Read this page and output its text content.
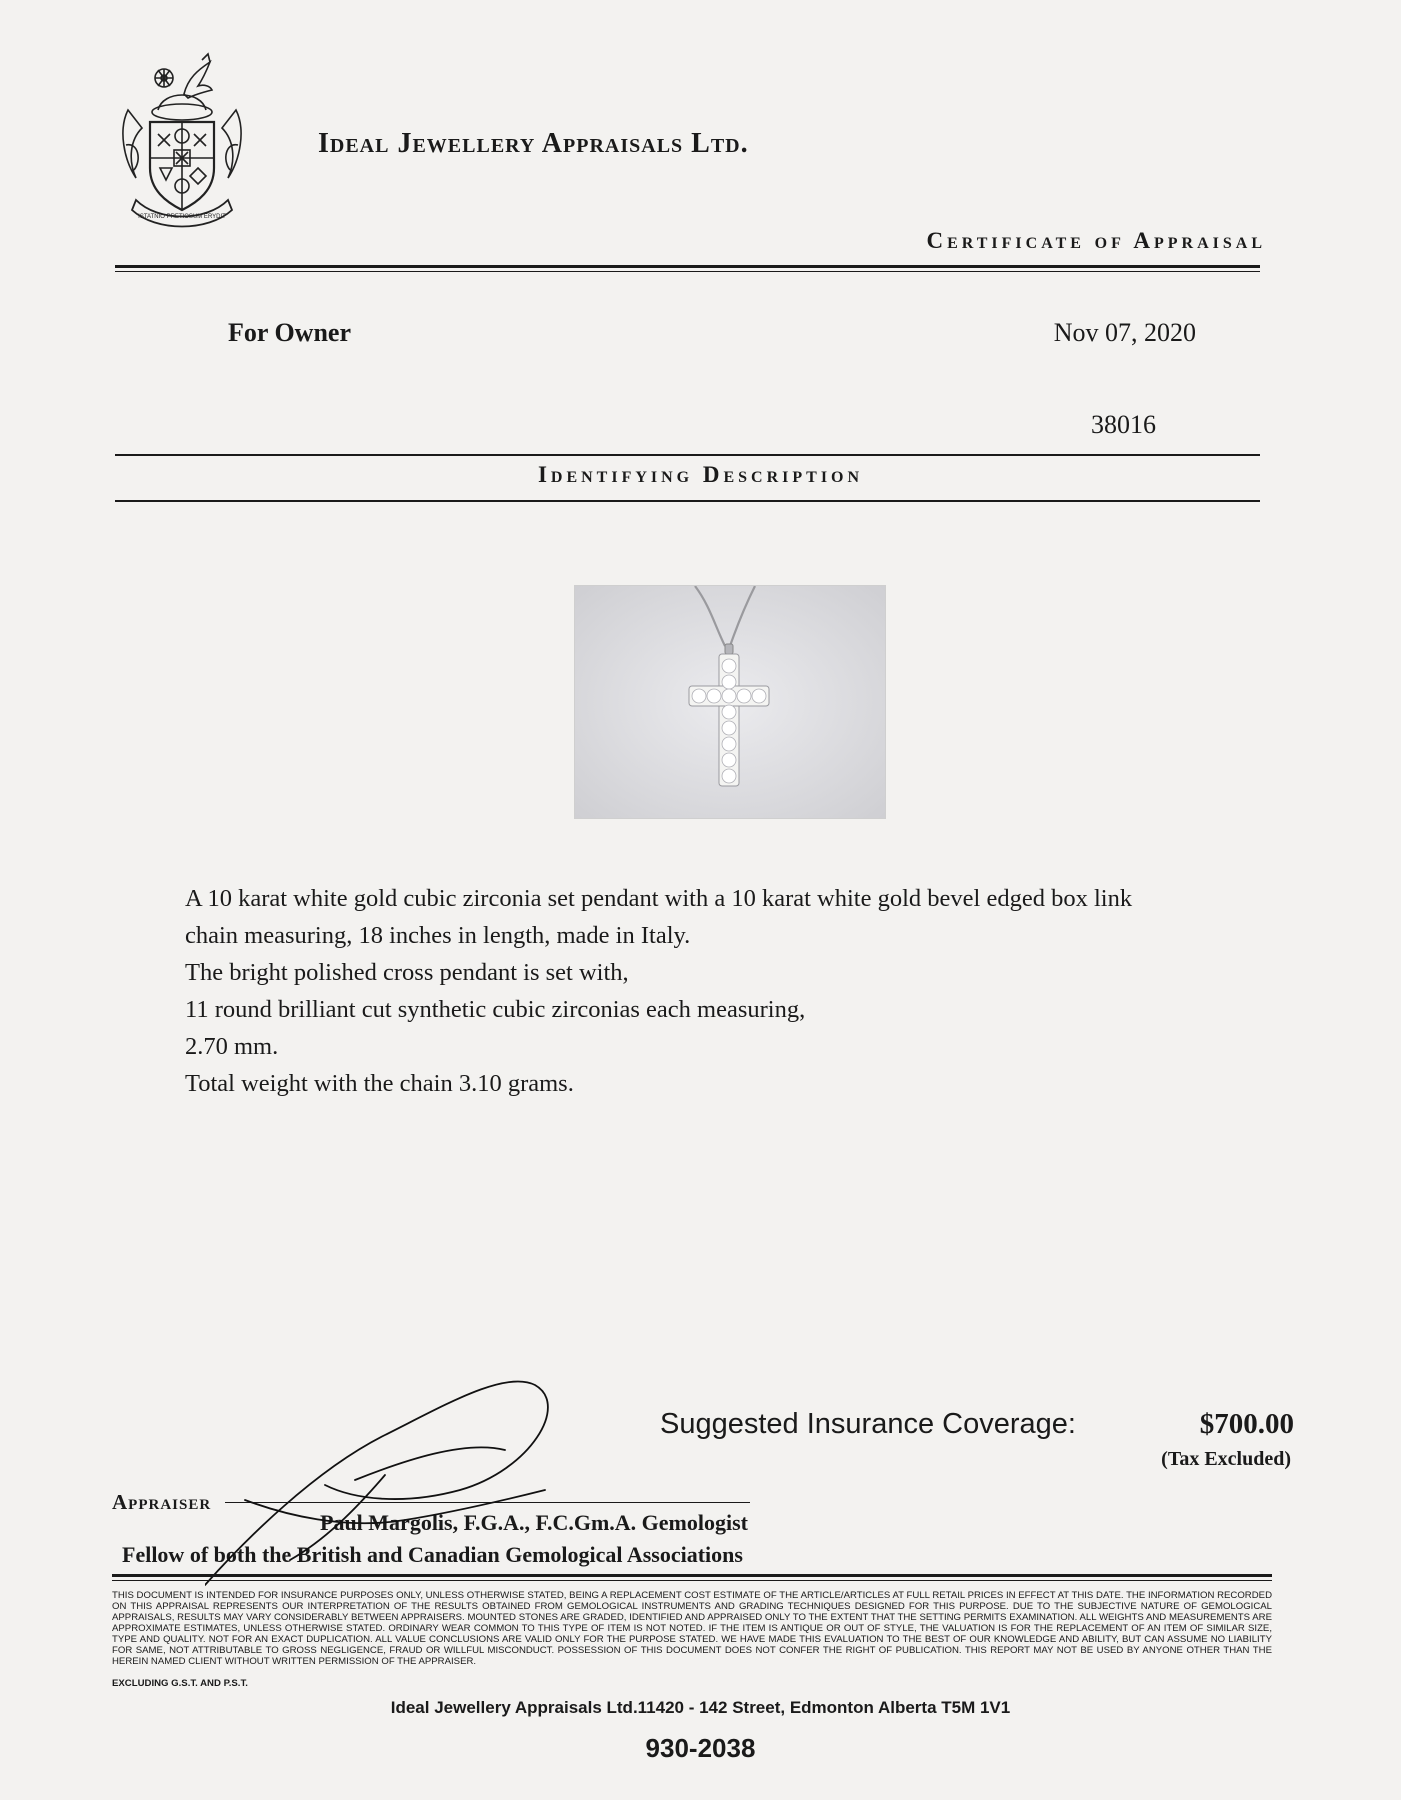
ISTATNIO PRETIOSUM ERYDIT
Ideal Jewellery Appraisals Ltd.
Certificate of Appraisal
For Owner	Nov 07, 2020
38016
Identifying Description
A 10 karat white gold cubic zirconia set pendant with a 10 karat white gold bevel edged box link
chain measuring, 18 inches in length, made in Italy.
The bright polished cross pendant is set with,
11 round brilliant cut synthetic cubic zirconias each measuring,
2.70 mm.
Total weight with the chain 3.10 grams.
Suggested Insurance Coverage:	$700.00
(Tax Excluded)
Appraiser
Paul Margolis, F.G.A., F.C.Gm.A. Gemologist
Fellow of both the British and Canadian Gemological Associations
THIS DOCUMENT IS INTENDED FOR INSURANCE PURPOSES ONLY, UNLESS OTHERWISE STATED, BEING A REPLACEMENT COST ESTIMATE OF THE ARTICLE/ARTICLES AT FULL RETAIL PRICES IN EFFECT AT THIS DATE. THE INFORMATION RECORDED ON THIS APPRAISAL REPRESENTS OUR INTERPRETATION OF THE RESULTS OBTAINED FROM GEMOLOGICAL INSTRUMENTS AND GRADING TECHNIQUES DESIGNED FOR THIS PURPOSE. DUE TO THE SUBJECTIVE NATURE OF GEMOLOGICAL APPRAISALS, RESULTS MAY VARY CONSIDERABLY BETWEEN APPRAISERS. MOUNTED STONES ARE GRADED, IDENTIFIED AND APPRAISED ONLY TO THE EXTENT THAT THE SETTING PERMITS EXAMINATION. ALL WEIGHTS AND MEASUREMENTS ARE APPROXIMATE ESTIMATES, UNLESS OTHERWISE STATED. ORDINARY WEAR COMMON TO THIS TYPE OF ITEM IS NOT NOTED. IF THE ITEM IS ANTIQUE OR OUT OF STYLE, THE VALUATION IS FOR THE REPLACEMENT OF AN ITEM OF SIMILAR SIZE, TYPE AND QUALITY. NOT FOR AN EXACT DUPLICATION. ALL VALUE CONCLUSIONS ARE VALID ONLY FOR THE PURPOSE STATED. WE HAVE MADE THIS EVALUATION TO THE BEST OF OUR KNOWLEDGE AND ABILITY, BUT CAN ASSUME NO LIABILITY FOR SAME, NOT ATTRIBUTABLE TO GROSS NEGLIGENCE, FRAUD OR WILLFUL MISCONDUCT. POSSESSION OF THIS DOCUMENT DOES NOT CONFER THE RIGHT OF PUBLICATION. THIS REPORT MAY NOT BE USED BY ANYONE OTHER THAN THE HEREIN NAMED CLIENT WITHOUT WRITTEN PERMISSION OF THE APPRAISER.
EXCLUDING G.S.T. AND P.S.T.
Ideal Jewellery Appraisals Ltd.11420 - 142 Street, Edmonton Alberta T5M 1V1
930-2038
